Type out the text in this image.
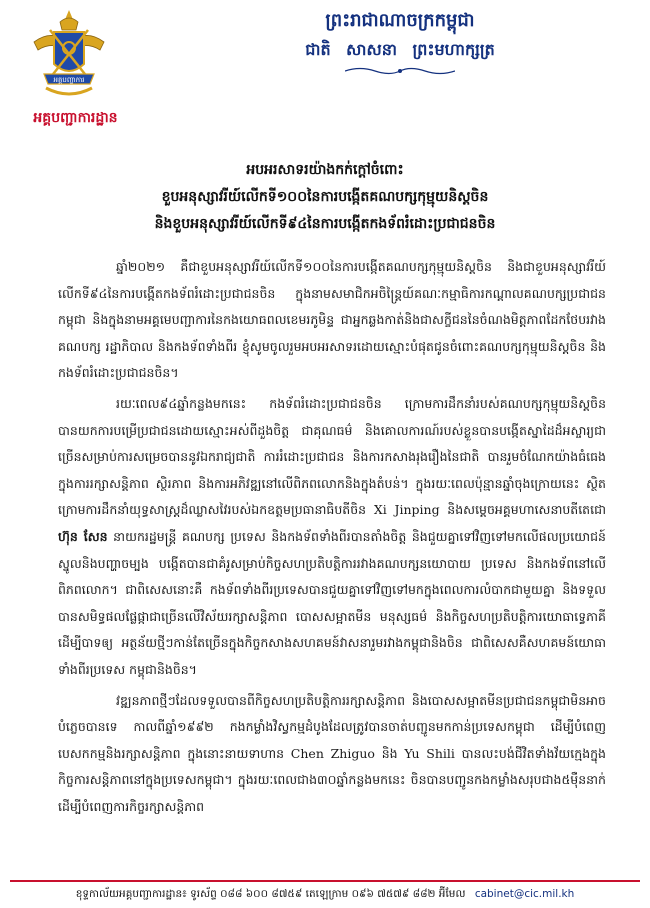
អគ្គបញ្ជាការ
អគ្គបញ្ជាការដ្ឋាន
ព្រះរាជាណាចក្រកម្ពុជា
ជាតិ សាសនា ព្រះមហាក្សត្រ
អបអរសាទរយ៉ាងកក់ក្តៅចំពោះ
ខួបអនុស្សាវរីយ៍លើកទី១០០នៃការបង្កើតគណបក្សកុម្មុយនិស្តចិន
និងខួបអនុស្សាវរីយ៍លើកទី៩៤នៃការបង្កើតកងទ័ពរំដោះប្រជាជនចិន

ឆ្នាំ២០២១ គឺជាខួបអនុស្សាវរីយ៍លើកទី១០០នៃការបង្កើតគណបក្សកុម្មុយនិស្តចិន និងជាខួបអនុស្សាវរីយ៍លើកទី៩៤នៃការបង្កើតកងទ័ពរំដោះប្រជាជនចិន ក្នុងនាមសមាជិកអចិន្រ្តៃយ៍គណៈកម្មាធិការកណ្តាលគណបក្សប្រជាជនកម្ពុជា និងក្នុងនាមអគ្គមេបញ្ជាការនៃកងយោធពលខេមរភូមិន្ទ ជាអ្នកឆ្លងកាត់និងជាសក្ខីជននៃចំណងមិត្តភាពដែកថែបរវាងគណបក្ស រដ្ឋាភិបាល និងកងទ័ពទាំងពីរ ខ្ញុំសូមចូលរួមអបអរសាទរដោយស្មោះបំផុតជូនចំពោះគណបក្សកុម្មុយនិស្តចិន និងកងទ័ពរំដោះប្រជាជនចិន។

រយៈពេល៩៤ឆ្នាំកន្លងមកនេះ កងទ័ពរំដោះប្រជាជនចិន ក្រោមការដឹកនាំរបស់គណបក្សកុម្មុយនិស្តចិន បានយកការបម្រើប្រជាជនដោយស្មោះអស់ពីដួងចិត្ត ជាគុណធម៌ និងគោលការណ៍របស់ខ្លួនបានបង្កើតស្នាដៃដ៏អស្ចារ្យជាច្រើនសម្រាប់ការសម្រេចបាននូវឯករាជ្យជាតិ ការរំដោះប្រជាជន និងការកសាងរុងរឿងនៃជាតិ បានរួមចំណែកយ៉ាងធំធេងក្នុងការរក្សាសន្តិភាព ស្ថិរភាព និងការអភិវឌ្ឍនៅលើពិភពលោកនិងក្នុងតំបន់។ ក្នុងរយៈពេលប៉ុន្មានឆ្នាំចុងក្រោយនេះ ស្ថិតក្រោមការដឹកនាំយុទ្ធសាស្រ្តដ៏ឈ្លាសវៃរបស់ឯកឧត្តមប្រធានាធិបតីចិន Xi Jinping និងសម្តេចអគ្គមហាសេនាបតីតេជោ ហ៊ុន សែន នាយករដ្ឋមន្រ្តី គណបក្ស ប្រទេស និងកងទ័ពទាំងពីរបានតាំងចិត្ត និងជួយគ្នាទៅវិញទៅមកលើផលប្រយោជន៍ស្នូលនិងបញ្ហាចម្បង បង្កើតបានជាគំរូសម្រាប់កិច្ចសហប្រតិបត្តិការរវាងគណបក្សនយោបាយ ប្រទេស និងកងទ័ពនៅលើពិភពលោក។ ជាពិសេសនោះគឺ កងទ័ពទាំងពីរប្រទេសបានជួយគ្នាទៅវិញទៅមកក្នុងពេលការលំបាកជាមួយគ្នា និងទទួលបានសមិទ្ធផលផ្លែផ្កាជាច្រើនលើវិស័យរក្សាសន្តិភាព បោសសម្អាតមីន មនុស្សធម៌ និងកិច្ចសហប្រតិបត្តិការយោធាទ្វេភាគី ដើម្បីបាទឲ្យ អត្ថន័យថ្មីៗកាន់តែច្រើនក្នុងកិច្ចកសាងសហគមន៍វាសនារួមរវាងកម្ពុជានិងចិន ជាពិសេសគឺសហគមន៍យោធាទាំងពីរប្រទេស កម្ពុជានិងចិន។

វឌ្ឍនភាពថ្មីៗដែលទទួលបានពីកិច្ចសហប្រតិបត្តិការរក្សាសន្តិភាព និងបោសសម្អាតមីនប្រជាជនកម្ពុជាមិនអាចបំភ្លេចបានទេ កាលពីឆ្នាំ១៩៩២ កងកម្លាំងវិស្វកម្មដំបូងដែលត្រូវបានចាត់បញ្ជូនមកកាន់ប្រទេសកម្ពុជា ដើម្បីបំពេញបេសកកម្មនិងរក្សាសន្តិភាព ក្នុងនោះនាយទាហាន Chen Zhiguo និង Yu Shili បានលះបង់ជីវិតទាំងវ័យក្មេងក្នុងកិច្ចការសន្តិភាពនៅក្នុងប្រទេសកម្ពុជា។ ក្នុងរយៈពេលជាង៣០ឆ្នាំកន្លងមកនេះ ចិនបានបញ្ជូនកងកម្លាំងសរុបជាង៥ម៉ឺននាក់ដើម្បីបំពេញការកិច្ចរក្សាសន្តិភាព

ខុទ្ទកាល័យអគ្គបញ្ជាការដ្ឋាន៖ ទូរស័ព្ទ ០៨៨ ៦០០ ៨៧៥៩ តេឡេក្រាម ០៩៦ ៧៥៧៩ ៨៨២ អ៊ីមែល cabinet@cic.mil.kh
